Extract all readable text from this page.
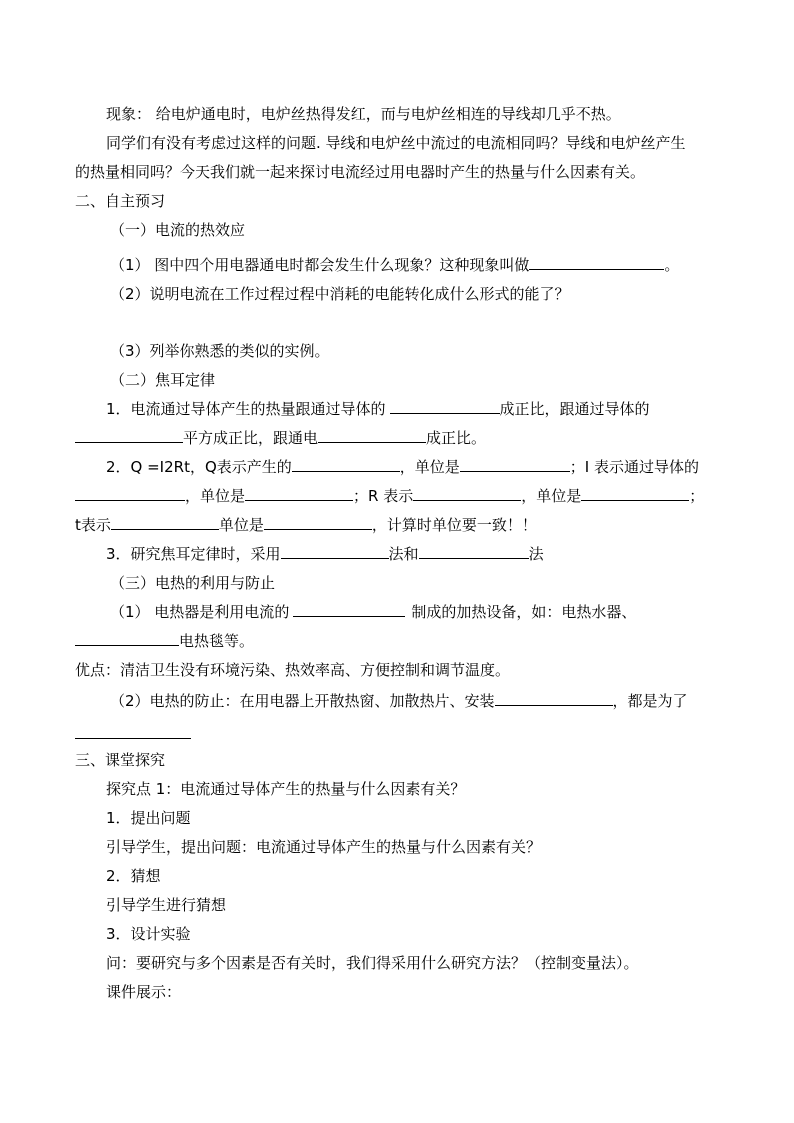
现象： 给电炉通电时，电炉丝热得发红，而与电炉丝相连的导线却几乎不热。
同学们有没有考虑过这样的问题. 导线和电炉丝中流过的电流相同吗？导线和电炉丝产生
的热量相同吗？今天我们就一起来探讨电流经过用电器时产生的热量与什么因素有关。
二、自主预习
（一）电流的热效应
（1） 图中四个用电器通电时都会发生什么现象？这种现象叫做	。
（2）说明电流在工作过程过程中消耗的电能转化成什么形式的能了？
（3）列举你熟悉的类似的实例。
（二）焦耳定律
1．电流通过导体产生的热量跟通过导体的	成正比，跟通过导体的
平方成正比，跟通电	成正比。
2．Q =I2Rt，Q表示产生的	，单位是	；I 表示通过导体的
，单位是	；R 表示	，单位是	；
t表示	单位是	，计算时单位要一致！！
3．研究焦耳定律时，采用	法和	法
（三）电热的利用与防止
（1） 电热器是利用电流的	制成的加热设备，如：电热水器、
电热毯等。
优点：清洁卫生没有环境污染、热效率高、方便控制和调节温度。
（2）电热的防止：在用电器上开散热窗、加散热片、安装	，都是为了
三、课堂探究
探究点 1：电流通过导体产生的热量与什么因素有关？
1．提出问题
引导学生，提出问题：电流通过导体产生的热量与什么因素有关？
2．猜想
引导学生进行猜想
3．设计实验
问：要研究与多个因素是否有关时，我们得采用什么研究方法？（控制变量法）。
课件展示：
